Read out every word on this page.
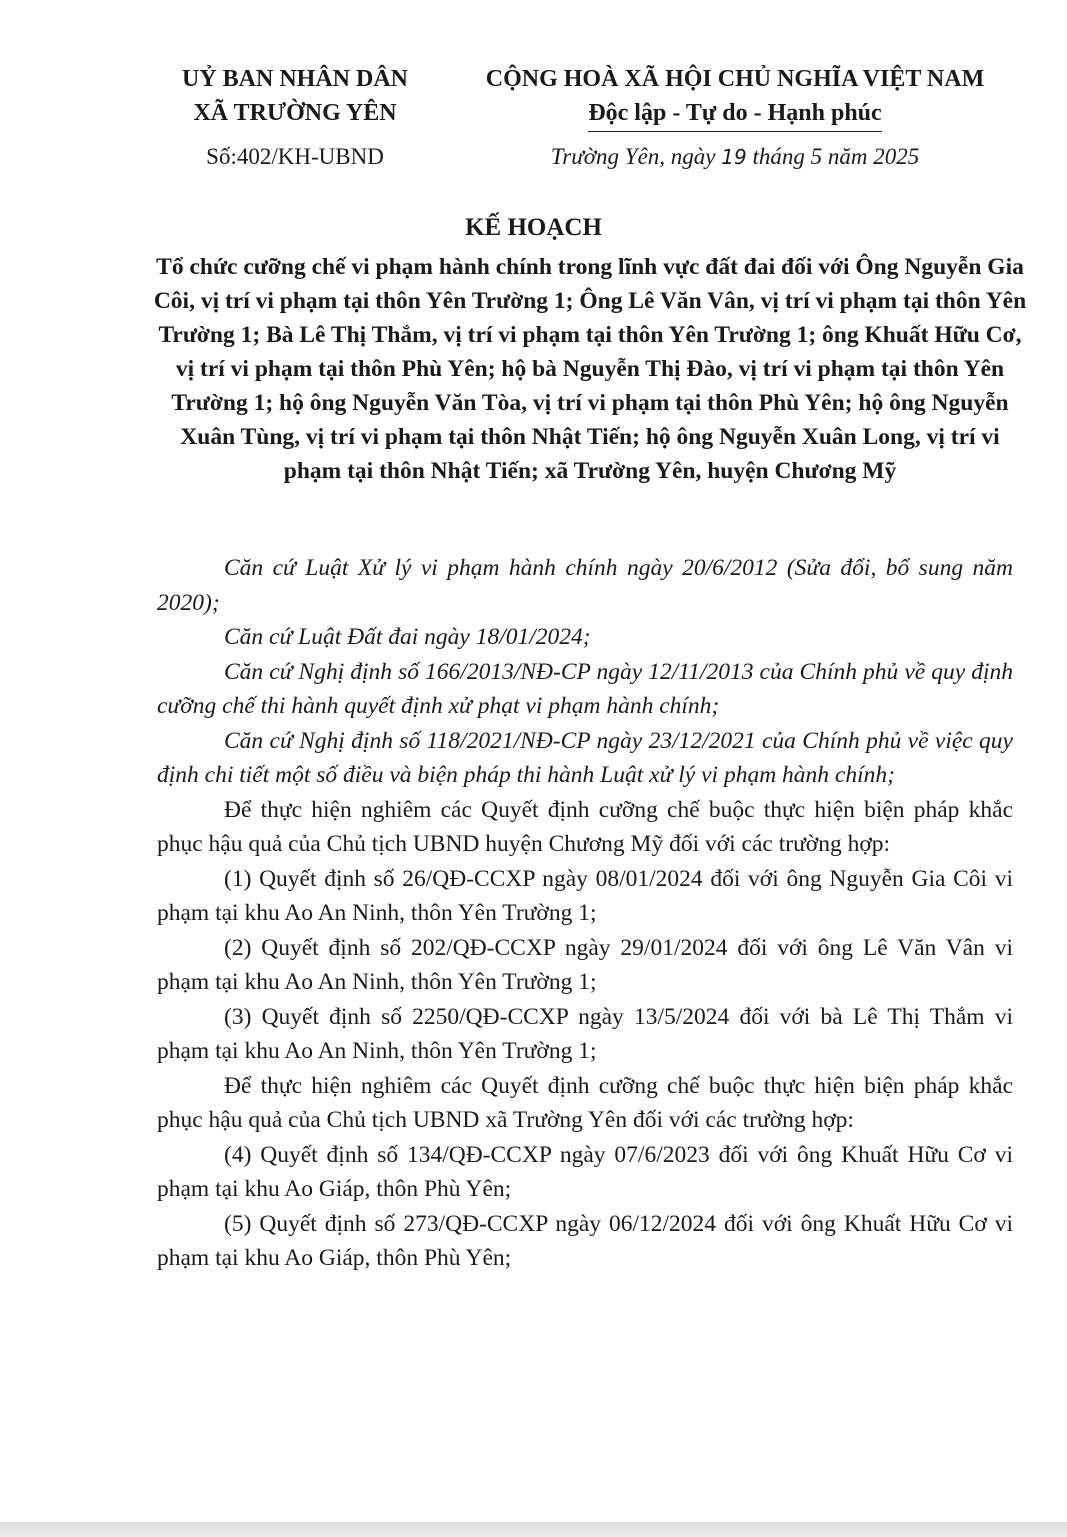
UỶ BAN NHÂN DÂN
XÃ TRƯỜNG YÊN
CỘNG HOÀ XÃ HỘI CHỦ NGHĨA VIỆT NAM
Độc lập - Tự do - Hạnh phúc
Số:402/KH-UBND	Trường Yên, ngày 19 tháng 5 năm 2025
KẾ HOẠCH
Tổ chức cưỡng chế vi phạm hành chính trong lĩnh vực đất đai đối với Ông Nguyễn Gia Côi, vị trí vi phạm tại thôn Yên Trường 1; Ông Lê Văn Vân, vị trí vi phạm tại thôn Yên Trường 1; Bà Lê Thị Thắm, vị trí vi phạm tại thôn Yên Trường 1; ông Khuất Hữu Cơ, vị trí vi phạm tại thôn Phù Yên; hộ bà Nguyễn Thị Đào, vị trí vi phạm tại thôn Yên Trường 1; hộ ông Nguyễn Văn Tòa, vị trí vi phạm tại thôn Phù Yên; hộ ông Nguyễn Xuân Tùng, vị trí vi phạm tại thôn Nhật Tiến; hộ ông Nguyễn Xuân Long, vị trí vi phạm tại thôn Nhật Tiến; xã Trường Yên, huyện Chương Mỹ

Căn cứ Luật Xử lý vi phạm hành chính ngày 20/6/2012 (Sửa đổi, bổ sung năm 2020);

Căn cứ Luật Đất đai ngày 18/01/2024;

Căn cứ Nghị định số 166/2013/NĐ-CP ngày 12/11/2013 của Chính phủ về quy định cưỡng chế thi hành quyết định xử phạt vi phạm hành chính;

Căn cứ Nghị định số 118/2021/NĐ-CP ngày 23/12/2021 của Chính phủ về việc quy định chi tiết một số điều và biện pháp thi hành Luật xử lý vi phạm hành chính;

Để thực hiện nghiêm các Quyết định cưỡng chế buộc thực hiện biện pháp khắc phục hậu quả của Chủ tịch UBND huyện Chương Mỹ đối với các trường hợp:

(1) Quyết định số 26/QĐ-CCXP ngày 08/01/2024 đối với ông Nguyễn Gia Côi vi phạm tại khu Ao An Ninh, thôn Yên Trường 1;

(2) Quyết định số 202/QĐ-CCXP ngày 29/01/2024 đối với ông Lê Văn Vân vi phạm tại khu Ao An Ninh, thôn Yên Trường 1;

(3) Quyết định số 2250/QĐ-CCXP ngày 13/5/2024 đối với bà Lê Thị Thắm vi phạm tại khu Ao An Ninh, thôn Yên Trường 1;

Để thực hiện nghiêm các Quyết định cưỡng chế buộc thực hiện biện pháp khắc phục hậu quả của Chủ tịch UBND xã Trường Yên đối với các trường hợp:

(4) Quyết định số 134/QĐ-CCXP ngày 07/6/2023 đối với ông Khuất Hữu Cơ vi phạm tại khu Ao Giáp, thôn Phù Yên;

(5) Quyết định số 273/QĐ-CCXP ngày 06/12/2024 đối với ông Khuất Hữu Cơ vi phạm tại khu Ao Giáp, thôn Phù Yên;
